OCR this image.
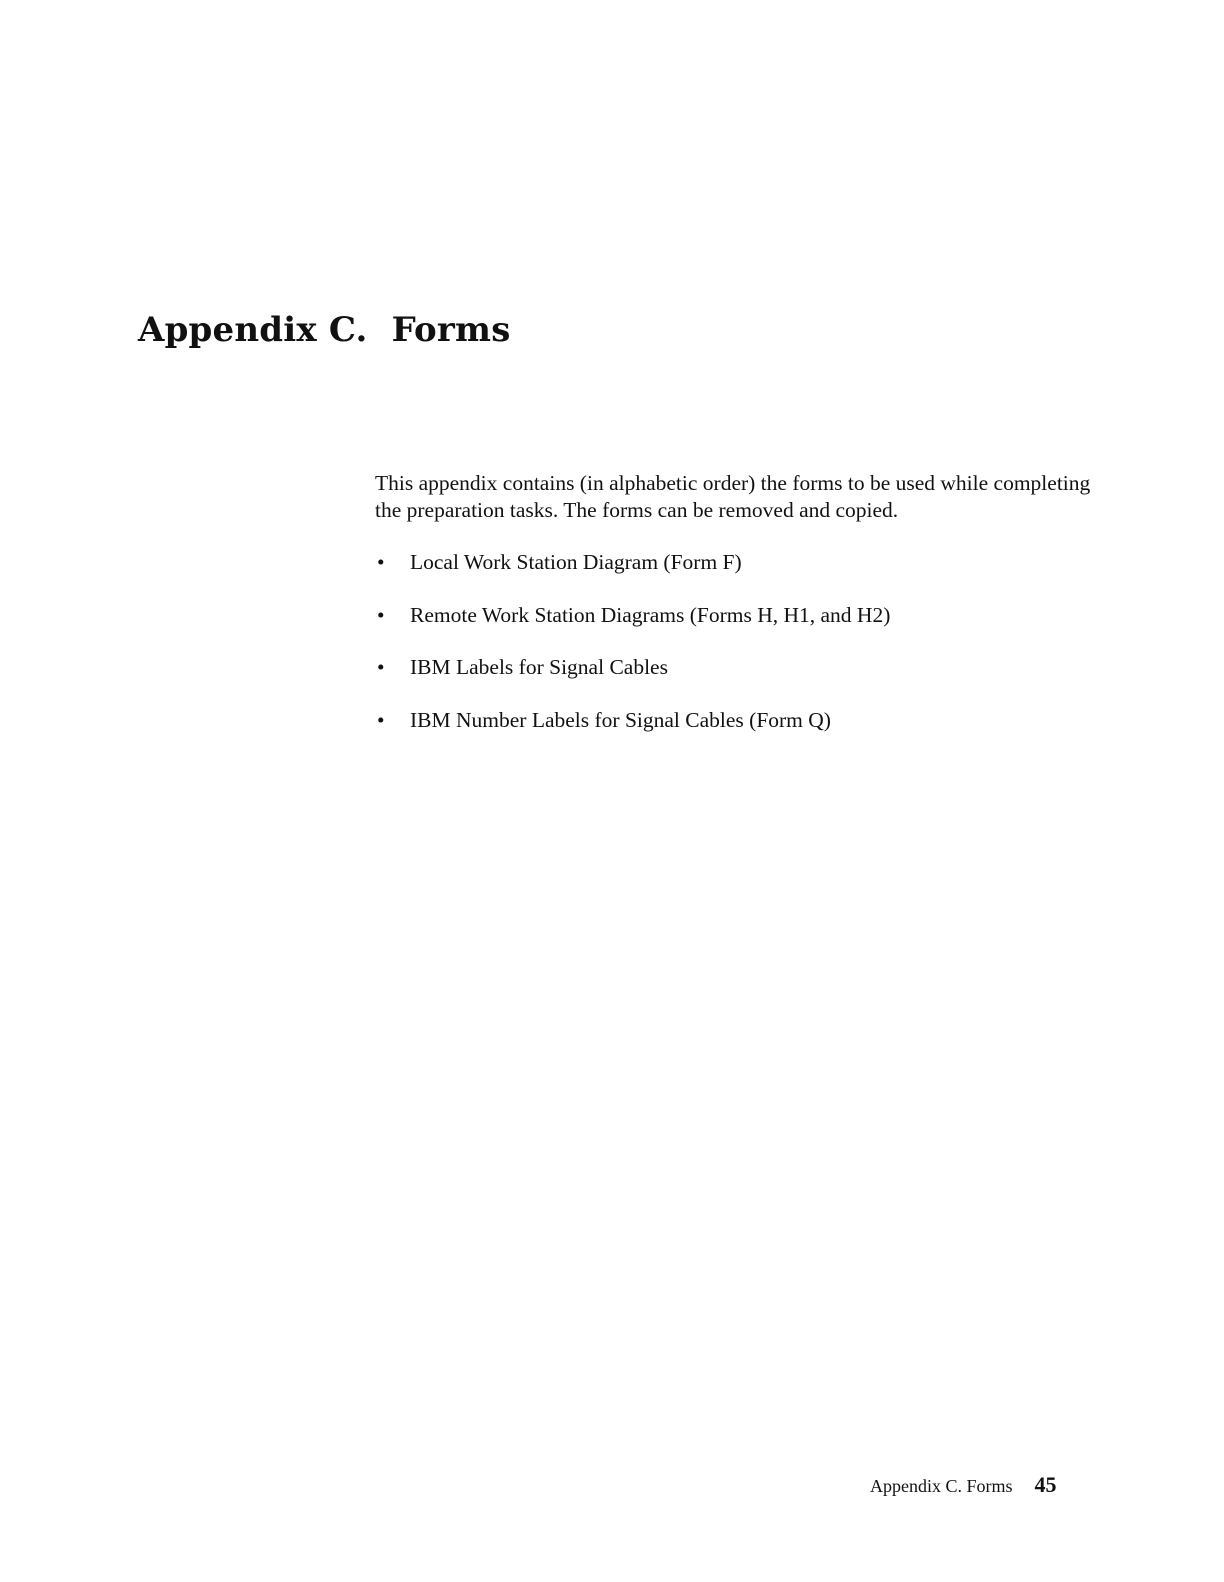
Appendix C. Forms

This appendix contains (in alphabetic order) the forms to be used while completing the preparation tasks. The forms can be removed and copied.

• Local Work Station Diagram (Form F)
• Remote Work Station Diagrams (Forms H, H1, and H2)
• IBM Labels for Signal Cables
• IBM Number Labels for Signal Cables (Form Q)
Appendix C. Forms 45
